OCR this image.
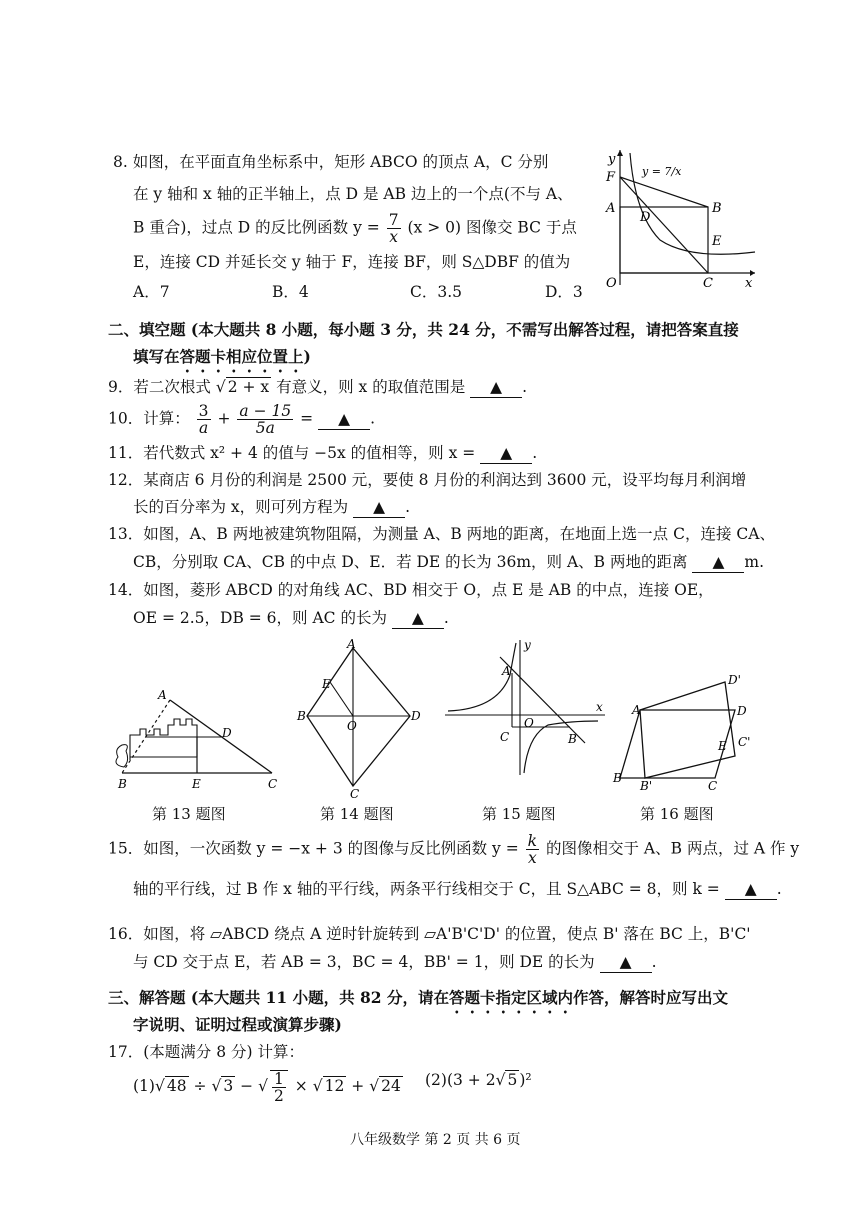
8. 如图，在平面直角坐标系中，矩形 ABCO 的顶点 A，C 分别
在 y 轴和 x 轴的正半轴上，点 D 是 AB 边上的一个点(不与 A、
B 重合)，过点 D 的反比例函数 $y = \frac{7}{x} (x > 0)$ 图像交 BC 于点
E，连接 CD 并延长交 y 轴于 F，连接 BF，则 S△DBF 的值为
A．7	B．4	C．3.5	D．3
y
x
O
F
A
D
B
E
C
y = 7/x
二、填空题 (本大题共 8 小题，每小题 3 分，共 24 分，不需写出解答过程，请把答案直接
填写在答题卡相应位置上)
9．若二次根式 √ 2 + x 有意义，则 x 的取值范围是 ▲ .
10．计算： $\frac{3}{a} + \frac{a - 15}{5a}$ = ▲ .
11．若代数式 x² + 4 的值与 −5x 的值相等，则 x = ▲ .
12．某商店 6 月份的利润是 2500 元，要使 8 月份的利润达到 3600 元，设平均每月利润增
长的百分率为 x，则可列方程为 ▲ .
13．如图，A、B 两地被建筑物阻隔，为测量 A、B 两地的距离，在地面上选一点 C，连接 CA、
CB，分别取 CA、CB 的中点 D、E．若 DE 的长为 36m，则 A、B 两地的距离 ▲ m.
14．如图，菱形 ABCD 的对角线 AC、BD 相交于 O，点 E 是 AB 的中点，连接 OE，
OE = 2.5，DB = 6，则 AC 的长为 ▲ .
A
B	C
D
E
A
B
C
D
E
O
A
B
C
O
x
y
A
B
C
D
E
B'
C'
D'
第 13 题图	第 14 题图	第 15 题图	第 16 题图
15．如图，一次函数 y = −x + 3 的图像与反比例函数 $y = \frac{k}{x}$ 的图像相交于 A、B 两点，过 A 作 y
轴的平行线，过 B 作 x 轴的平行线，两条平行线相交于 C，且 S△ABC = 8，则 k = ▲ .
16．如图，将 ▱ABCD 绕点 A 逆时针旋转到 ▱A'B'C'D' 的位置，使点 B' 落在 BC 上，B'C'
与 CD 交于点 E，若 AB = 3，BC = 4，BB' = 1，则 DE 的长为 ▲ .
三、解答题 (本大题共 11 小题，共 82 分，请在答题卡指定区域内作答，解答时应写出文
字说明、证明过程或演算步骤)
17．(本题满分 8 分) 计算：
(1)√ 48 ÷ √ 3 − √ $\frac{1}{2}$ × √ 12 + √ 24 (2)(3 + 2√ 5 )²
八年级数学 第 2 页 共 6 页
